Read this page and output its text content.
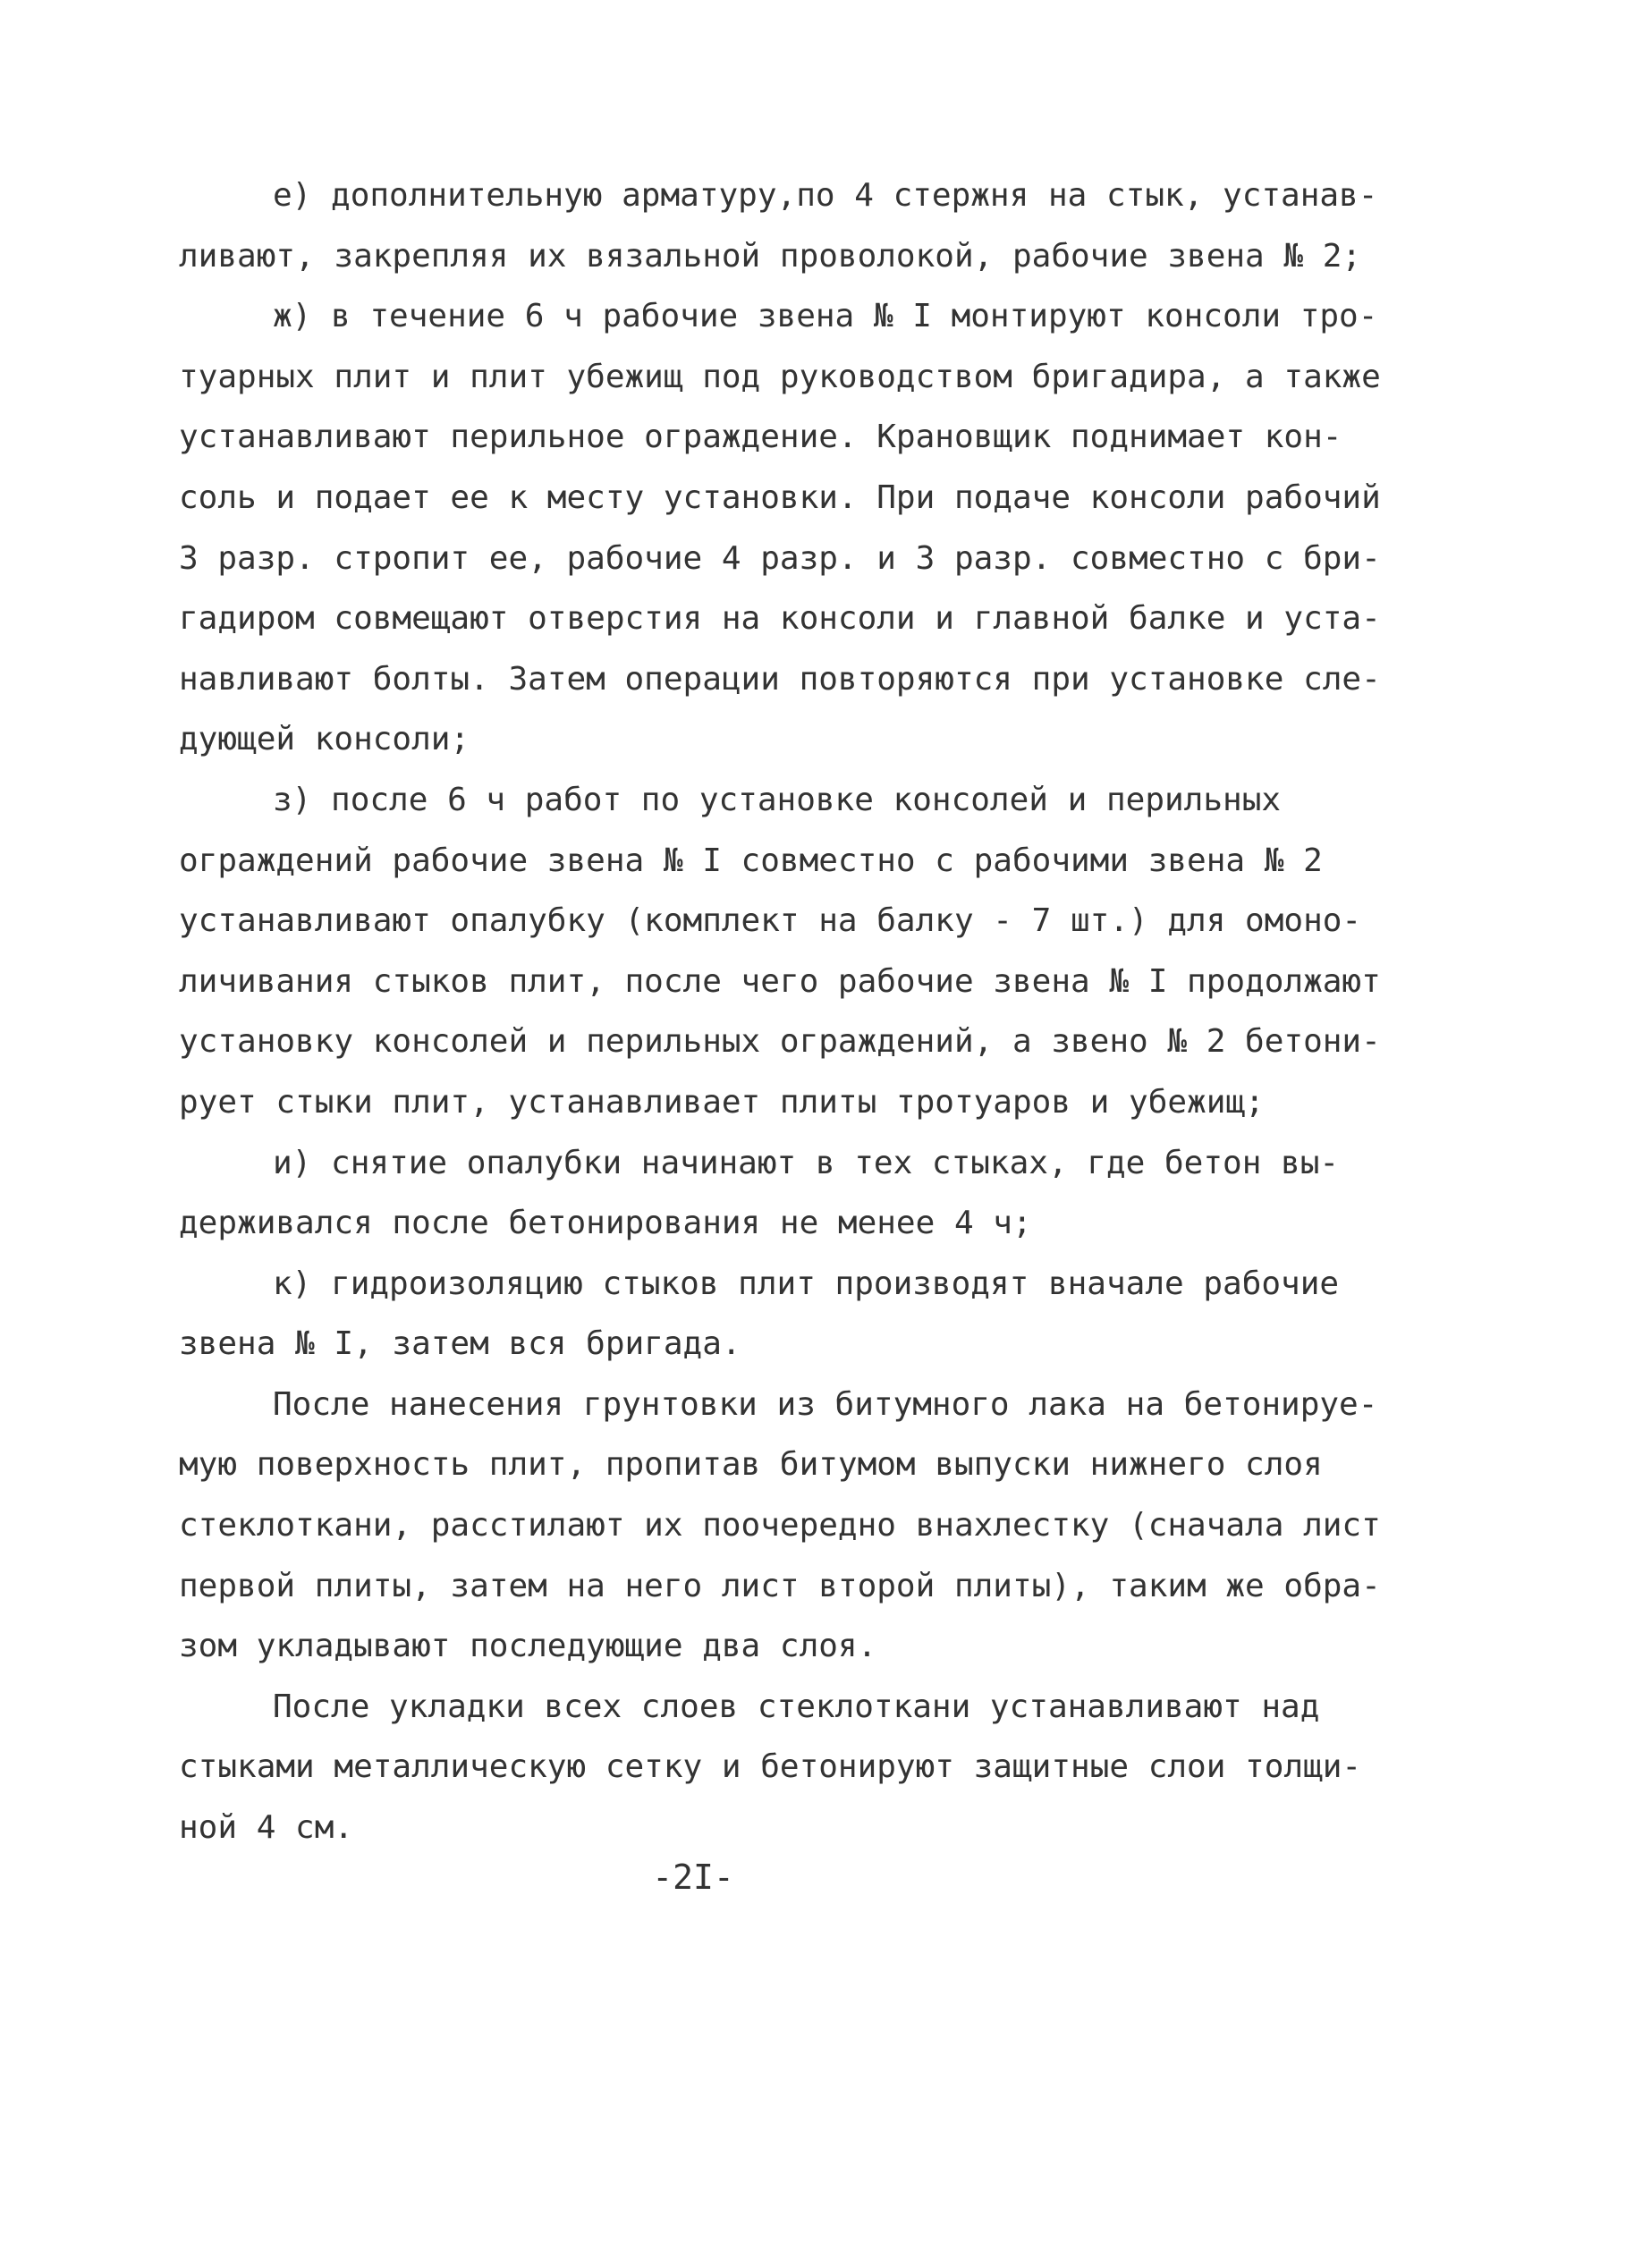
е) дополнительную арматуру,по 4 стержня на стык, устанав-
ливают, закрепляя их вязальной проволокой, рабочие звена № 2;
ж) в течение 6 ч рабочие звена № I монтируют консоли тро-
туарных плит и плит убежищ под руководством бригадира, а также
устанавливают перильное ограждение. Крановщик поднимает кон-
соль и подает ее к месту установки. При подаче консоли рабочий
3 разр. стропит ее, рабочие 4 разр. и 3 разр. совместно с бри-
гадиром совмещают отверстия на консоли и главной балке и уста-
навливают болты. Затем операции повторяются при установке сле-
дующей консоли;
з) после 6 ч работ по установке консолей и перильных
ограждений рабочие звена № I совместно с рабочими звена № 2
устанавливают опалубку (комплект на балку - 7 шт.) для омоно-
личивания стыков плит, после чего рабочие звена № I продолжают
установку консолей и перильных ограждений, а звено № 2 бетони-
рует стыки плит, устанавливает плиты тротуаров и убежищ;
и) снятие опалубки начинают в тех стыках, где бетон вы-
держивался после бетонирования не менее 4 ч;
к) гидроизоляцию стыков плит производят вначале рабочие
звена № I, затем вся бригада.
После нанесения грунтовки из битумного лака на бетонируе-
мую поверхность плит, пропитав битумом выпуски нижнего слоя
стеклоткани, расстилают их поочередно внахлестку (сначала лист
первой плиты, затем на него лист второй плиты), таким же обра-
зом укладывают последующие два слоя.
После укладки всех слоев стеклоткани устанавливают над
стыками металлическую сетку и бетонируют защитные слои толщи-
ной 4 см.
-2I-
